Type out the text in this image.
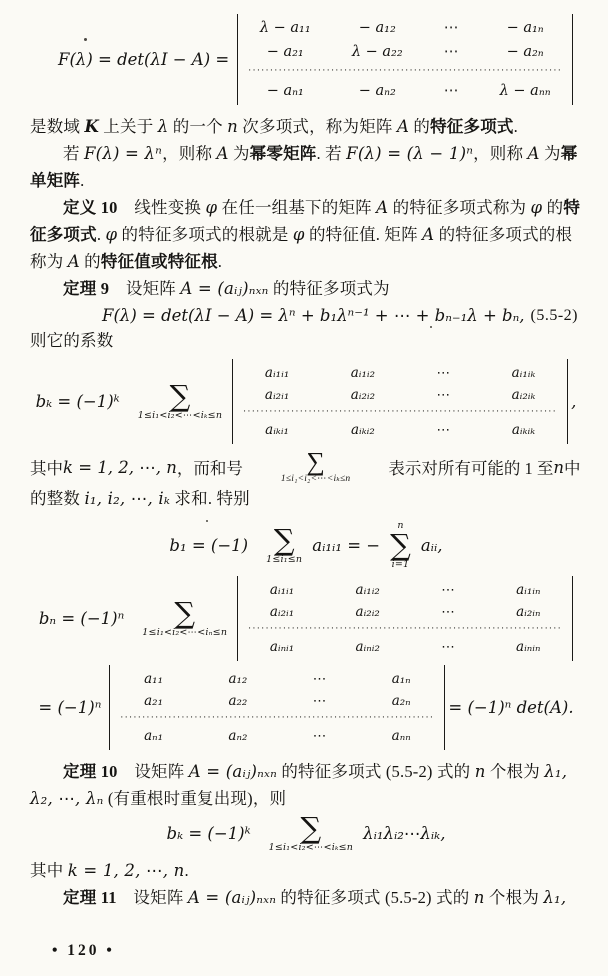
F(λ) = det(λI − A) =
λ − a₁₁	− a₁₂	⋯	− a₁ₙ
− a₂₁	λ − a₂₂	⋯	− a₂ₙ
········································································
− aₙ₁	− aₙ₂	⋯	λ − aₙₙ

是数域 K 上关于 λ 的一个 n 次多项式，称为矩阵 A 的特征多项式.

若 F(λ) = λⁿ，则称 A 为幂零矩阵. 若 F(λ) = (λ − 1)ⁿ，则称 A 为幂单矩阵.

定义 10　线性变换 φ 在任一组基下的矩阵 A 的特征多项式称为 φ 的特征多项式. φ 的特征多项式的根就是 φ 的特征值. 矩阵 A 的特征多项式的根称为 A 的特征值或特征根.

定理 9　设矩阵 A = (aᵢⱼ)ₙₓₙ 的特征多项式为

F(λ) = det(λI − A) = λⁿ + b₁λⁿ⁻¹ + ⋯ + bₙ₋₁λ + bₙ, (5.5-2)

则它的系数

bₖ = (−1)ᵏ ∑
1≤i₁<i₂<⋯<iₖ≤n
aᵢ₁ᵢ₁	aᵢ₁ᵢ₂	⋯	aᵢ₁ᵢₖ
aᵢ₂ᵢ₁	aᵢ₂ᵢ₂	⋯	aᵢ₂ᵢₖ
········································································
aᵢₖᵢ₁	aᵢₖᵢ₂	⋯	aᵢₖᵢₖ
,
其中 k = 1, 2, ⋯, n ，而和号 ∑
1≤i₁<i₂<⋯<iₖ≤n
表示对所有可能的 1 至 n 中

的整数 i₁, i₂, ⋯, iₖ 求和. 特别

b₁ = (−1) ∑
1≤i₁≤n
aᵢ₁ᵢ₁ = −
n
∑
i=1
aᵢᵢ,
bₙ = (−1)ⁿ ∑
1≤i₁<i₂<⋯<iₙ≤n
aᵢ₁ᵢ₁	aᵢ₁ᵢ₂	⋯	aᵢ₁ᵢₙ
aᵢ₂ᵢ₁	aᵢ₂ᵢ₂	⋯	aᵢ₂ᵢₙ
········································································
aᵢₙᵢ₁	aᵢₙᵢ₂	⋯	aᵢₙᵢₙ
= (−1)ⁿ
a₁₁	a₁₂	⋯	a₁ₙ
a₂₁	a₂₂	⋯	a₂ₙ
········································································
aₙ₁	aₙ₂	⋯	aₙₙ
= (−1)ⁿ det(A).

定理 10　设矩阵 A = (aᵢⱼ)ₙₓₙ 的特征多项式 (5.5-2) 式的 n 个根为 λ₁, λ₂, ⋯, λₙ (有重根时重复出现)，则

bₖ = (−1)ᵏ ∑
1≤i₁<i₂<⋯<iₖ≤n
λᵢ₁λᵢ₂⋯λᵢₖ,

其中 k = 1, 2, ⋯, n.

定理 11　设矩阵 A = (aᵢⱼ)ₙₓₙ 的特征多项式 (5.5-2) 式的 n 个根为 λ₁,

• 120 •
